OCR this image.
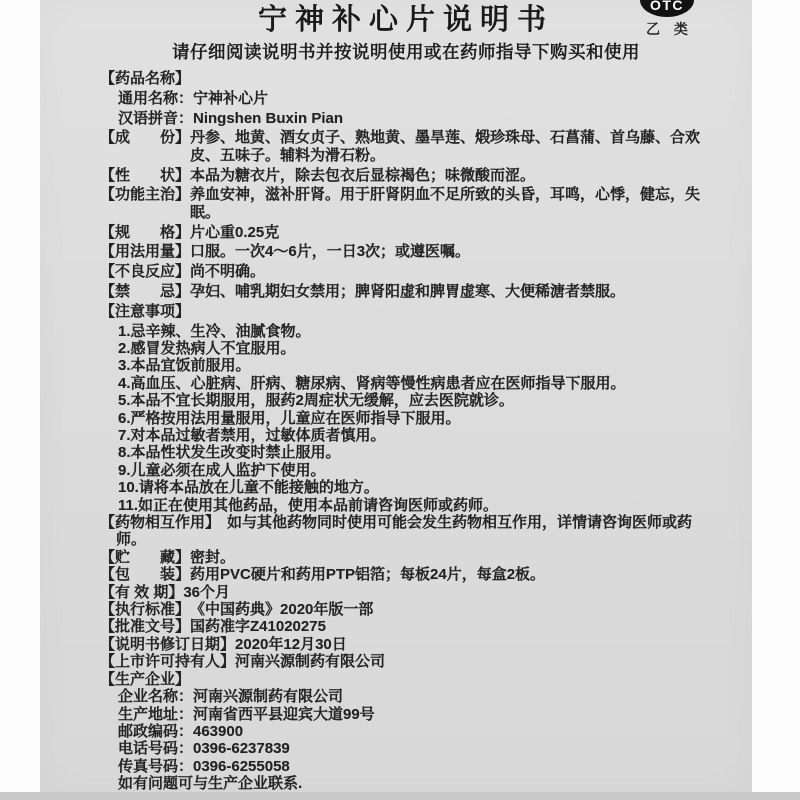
OTC
乙 类
宁神补心片说明书
请仔细阅读说明书并按说明使用或在药师指导下购买和使用
【药品名称】
通用名称：宁神补心片
汉语拼音：Ningshen Buxin Pian
【成　　份】 丹参、地黄、酒女贞子、熟地黄、墨旱莲、煅珍珠母、石菖蒲、首乌藤、合欢皮、五味子。辅料为滑石粉。
【性　　状】 本品为糖衣片，除去包衣后显棕褐色；味微酸而涩。
【功能主治】 养血安神，滋补肝肾。用于肝肾阴血不足所致的头昏，耳鸣，心悸，健忘，失眠。
【规　　格】 片心重0.25克
【用法用量】 口服。一次4～6片，一日3次；或遵医嘱。
【不良反应】 尚不明确。
【禁　　忌】 孕妇、哺乳期妇女禁用；脾肾阳虚和脾胃虚寒、大便稀溏者禁服。
【注意事项】
1.忌辛辣、生冷、油腻食物。
2.感冒发热病人不宜服用。
3.本品宜饭前服用。
4.高血压、心脏病、肝病、糖尿病、肾病等慢性病患者应在医师指导下服用。
5.本品不宜长期服用，服药2周症状无缓解，应去医院就诊。
6.严格按用法用量服用，儿童应在医师指导下服用。
7.对本品过敏者禁用，过敏体质者慎用。
8.本品性状发生改变时禁止服用。
9.儿童必须在成人监护下使用。
10.请将本品放在儿童不能接触的地方。
11.如正在使用其他药品，使用本品前请咨询医师或药师。
【药物相互作用】 如与其他药物同时使用可能会发生药物相互作用，详情请咨询医师或药师。
【贮　　藏】 密封。
【包　　装】 药用PVC硬片和药用PTP铝箔；每板24片，每盒2板。
【有 效 期】 36个月
【执行标准】 《中国药典》2020年版一部
【批准文号】 国药准字Z41020275
【说明书修订日期】 2020年12月30日
【上市许可持有人】 河南兴源制药有限公司
【生产企业】
企业名称：河南兴源制药有限公司
生产地址：河南省西平县迎宾大道99号
邮政编码：463900
电话号码：0396-6237839
传真号码：0396-6255058
如有问题可与生产企业联系.
